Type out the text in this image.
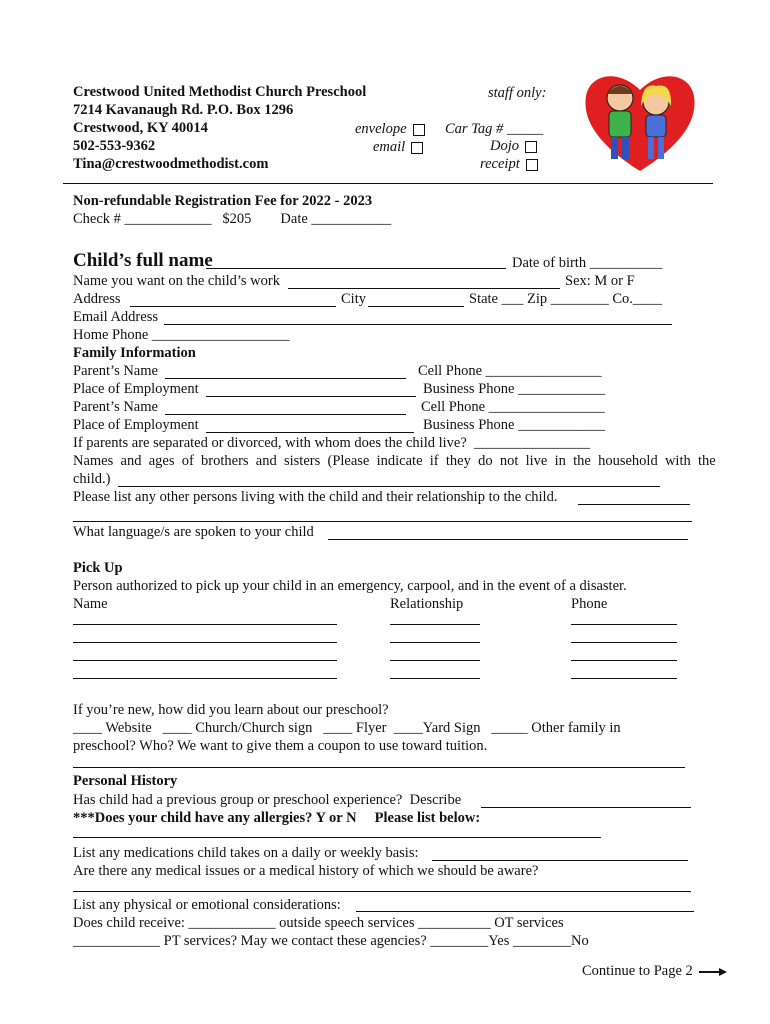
Crestwood United Methodist Church Preschool
7214 Kavanaugh Rd. P.O. Box 1296
Crestwood, KY 40014
502-553-9362
Tina@crestwoodmethodist.com
staff only:
envelope
email
Car Tag # _____
Dojo
receipt
Non-refundable Registration Fee for 2022 - 2023
Check # ____________   $205        Date ___________
Child’s full name	Date of birth __________
Name you want on the child’s work	Sex: M or F
Address	City	State ___ Zip ________ Co.____
Email Address
Home Phone ___________________
Family Information
Parent’s Name	Cell Phone ________________
Place of Employment	Business Phone ____________
Parent’s Name	Cell Phone ________________
Place of Employment	Business Phone ____________
If parents are separated or divorced, with whom does the child live?  ________________
Names  and  ages  of  brothers  and  sisters  (Please  indicate  if  they  do  not  live  in  the  household  with  the
child.)
Please list any other persons living with the child and their relationship to the child.
What language/s are spoken to your child
Pick Up
Person authorized to pick up your child in an emergency, carpool, and in the event of a disaster.
Name	Relationship	Phone
If you’re new, how did you learn about our preschool?
____ Website   ____ Church/Church sign   ____ Flyer  ____Yard Sign   _____ Other family in
preschool? Who? We want to give them a coupon to use toward tuition.
Personal History
Has child had a previous group or preschool experience?  Describe
***Does your child have any allergies? Y or N     Please list below:
List any medications child takes on a daily or weekly basis:
Are there any medical issues or a medical history of which we should be aware?
List any physical or emotional considerations:
Does child receive: ____________ outside speech services __________ OT services
____________ PT services? May we contact these agencies? ________Yes ________No
Continue to Page 2
